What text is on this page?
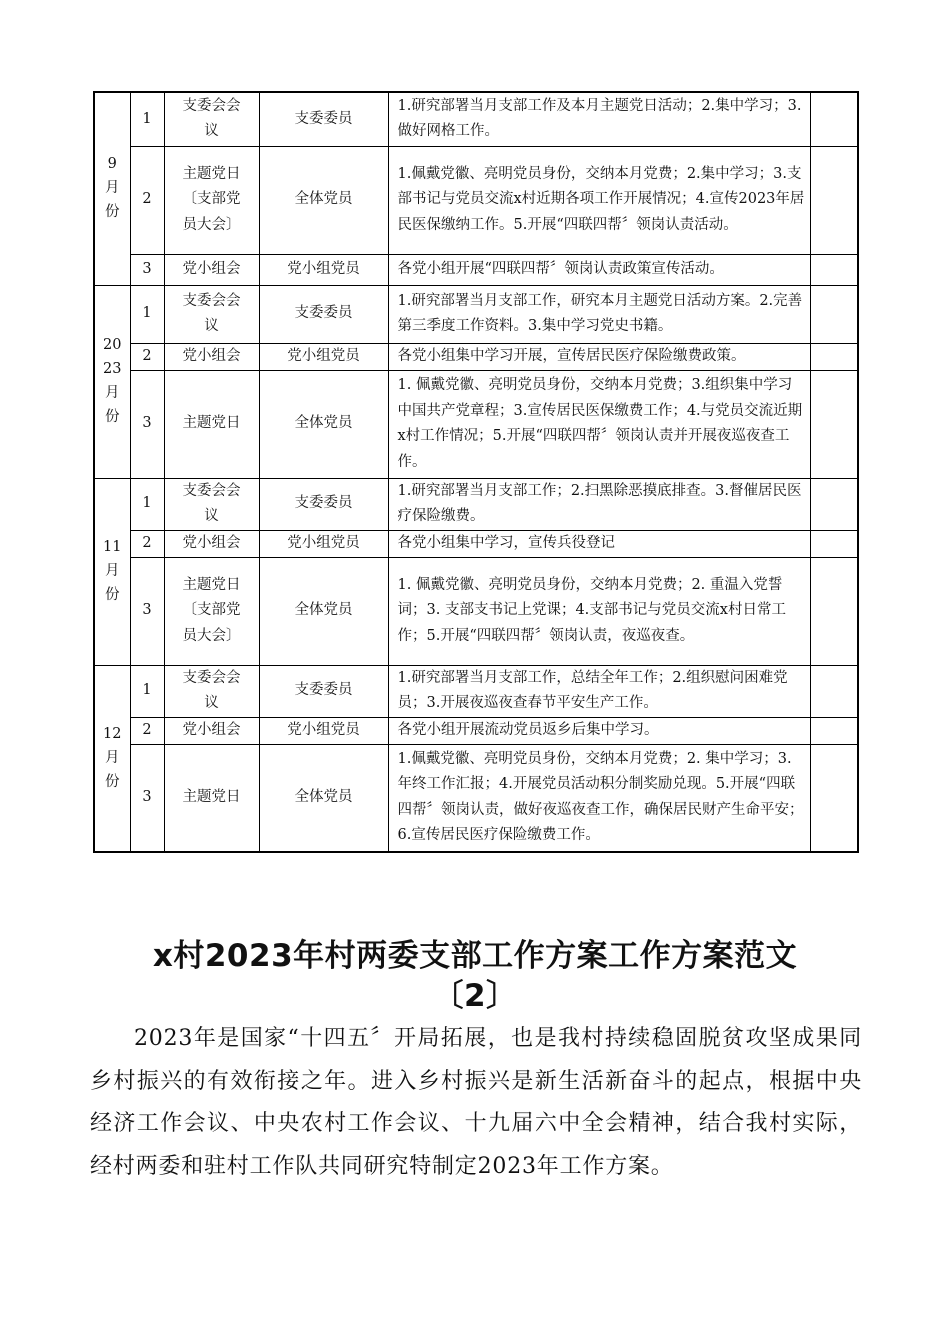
9月份	1	支委会会议	支委委员	1.研究部署当月支部工作及本月主题党日活动；2.集中学习；3.做好网格工作。	
	2	主题党日〔支部党员大会〕	全体党员	1.佩戴党徽、亮明党员身份，交纳本月党费；2.集中学习；3.支部书记与党员交流x村近期各项工作开展情况；4.宣传2023年居民医保缴纳工作。5.开展“四联四帮〞领岗认责活动。	
	3	党小组会	党小组党员	各党小组开展“四联四帮〞领岗认责政策宣传活动。	
2023月份	1	支委会会议	支委委员	1.研究部署当月支部工作，研究本月主题党日活动方案。2.完善第三季度工作资料。3.集中学习党史书籍。	
	2	党小组会	党小组党员	各党小组集中学习开展，宣传居民医疗保险缴费政策。	
	3	主题党日	全体党员	1. 佩戴党徽、亮明党员身份，交纳本月党费；3.组织集中学习中国共产党章程；3.宣传居民医保缴费工作；4.与党员交流近期x村工作情况；5.开展“四联四帮〞领岗认责并开展夜巡夜查工作。	
11月份	1	支委会会议	支委委员	1.研究部署当月支部工作；2.扫黑除恶摸底排查。3.督催居民医疗保险缴费。	
	2	党小组会	党小组党员	各党小组集中学习，宣传兵役登记	
	3	主题党日〔支部党员大会〕	全体党员	1. 佩戴党徽、亮明党员身份，交纳本月党费；2. 重温入党誓词；3. 支部支书记上党课；4.支部书记与党员交流x村日常工作；5.开展“四联四帮〞领岗认责，夜巡夜查。	
12月份	1	支委会会议	支委委员	1.研究部署当月支部工作，总结全年工作；2.组织慰问困难党员；3.开展夜巡夜查春节平安生产工作。	
	2	党小组会	党小组党员	各党小组开展流动党员返乡后集中学习。	
	3	主题党日	全体党员	1.佩戴党徽、亮明党员身份，交纳本月党费；2. 集中学习；3.年终工作汇报；4.开展党员活动积分制奖励兑现。5.开展“四联四帮〞领岗认责，做好夜巡夜查工作，确保居民财产生命平安；6.宣传居民医疗保险缴费工作。	
x村2023年村两委支部工作方案工作方案范文
〔2〕

2023年是国家“十四五〞开局拓展，也是我村持续稳固脱贫攻坚成果同乡村振兴的有效衔接之年。进入乡村振兴是新生活新奋斗的起点，根据中央经济工作会议、中央农村工作会议、十九届六中全会精神，结合我村实际，经村两委和驻村工作队共同研究特制定2023年工作方案。
